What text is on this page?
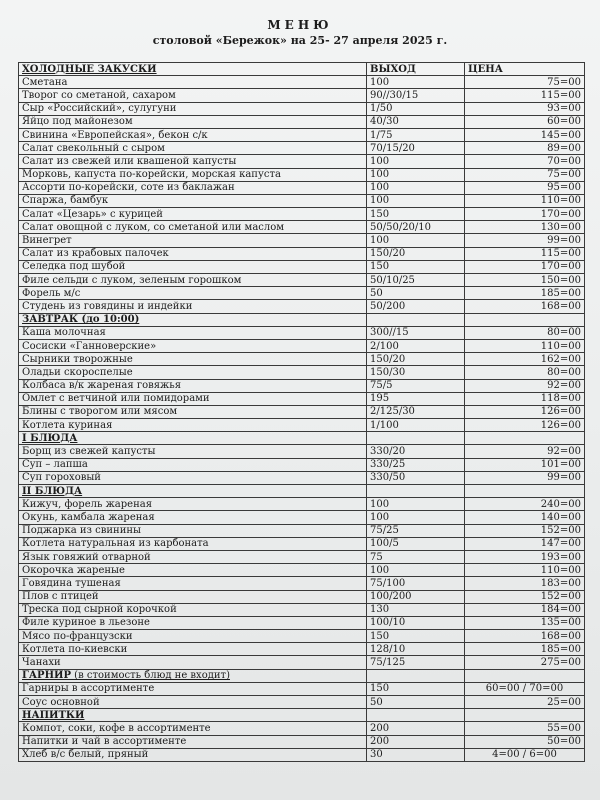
МЕНЮ
столовой «Бережок» на 25- 27 апреля 2025 г.
ХОЛОДНЫЕ ЗАКУСКИ	ВЫХОД	ЦЕНА
Сметана	100	75=00
Творог со сметаной, сахаром	90//30/15	115=00
Сыр «Российский», сулугуни	1/50	93=00
Яйцо под майонезом	40/30	60=00
Свинина «Европейская», бекон с/к	1/75	145=00
Салат свекольный с сыром	70/15/20	89=00
Салат из свежей или квашеной капусты	100	70=00
Морковь, капуста по-корейски, морская капуста	100	75=00
Ассорти по-корейски, соте из баклажан	100	95=00
Спаржа, бамбук	100	110=00
Салат «Цезарь» с курицей	150	170=00
Салат овощной с луком, со сметаной или маслом	50/50/20/10	130=00
Винегрет	100	99=00
Салат из крабовых палочек	150/20	115=00
Селедка под шубой	150	170=00
Филе сельди с луком, зеленым горошком	50/10/25	150=00
Форель м/с	50	185=00
Студень из говядины и индейки	50/200	168=00
ЗАВТРАК (до 10:00)		
Каша молочная	300//15	80=00
Сосиски «Ганноверские»	2/100	110=00
Сырники творожные	150/20	162=00
Оладьи скороспелые	150/30	80=00
Колбаса в/к жареная говяжья	75/5	92=00
Омлет с ветчиной или помидорами	195	118=00
Блины с творогом или мясом	2/125/30	126=00
Котлета куриная	1/100	126=00
I БЛЮДА		
Борщ из свежей капусты	330/20	92=00
Суп – лапша	330/25	101=00
Суп гороховый	330/50	99=00
II БЛЮДА		
Кижуч, форель жареная	100	240=00
Окунь, камбала жареная	100	140=00
Поджарка из свинины	75/25	152=00
Котлета натуральная из карбоната	100/5	147=00
Язык говяжий отварной	75	193=00
Окорочка жареные	100	110=00
Говядина тушеная	75/100	183=00
Плов с птицей	100/200	152=00
Треска под сырной корочкой	130	184=00
Филе куриное в льезоне	100/10	135=00
Мясо по-французски	150	168=00
Котлета по-киевски	128/10	185=00
Чанахи	75/125	275=00
ГАРНИР (в стоимость блюд не входит)		
Гарниры в ассортименте	150	60=00 / 70=00
Соус основной	50	25=00
НАПИТКИ		
Компот, соки, кофе в ассортименте	200	55=00
Напитки и чай в ассортименте	200	50=00
Хлеб в/с белый, пряный	30	4=00 / 6=00
